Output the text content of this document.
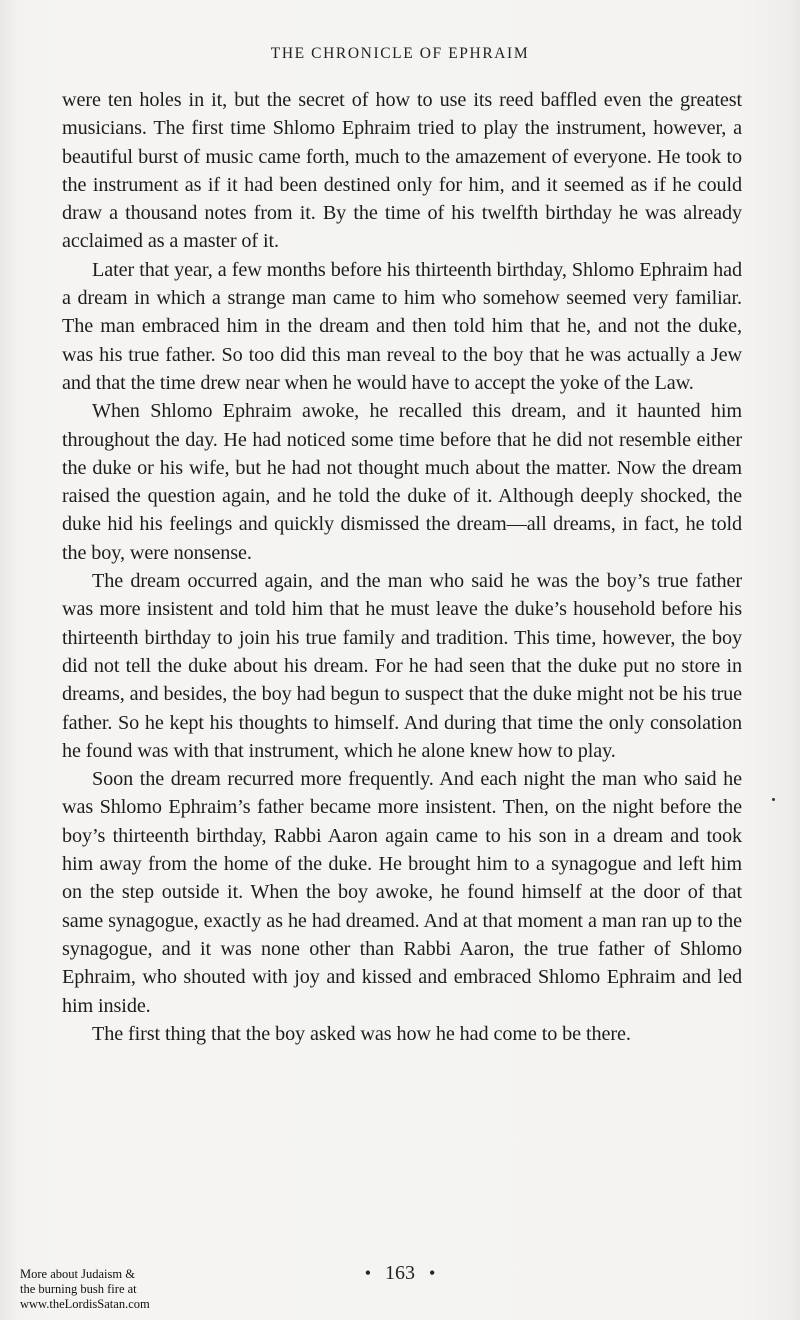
THE CHRONICLE OF EPHRAIM

were ten holes in it, but the secret of how to use its reed baffled even the greatest musicians. The first time Shlomo Ephraim tried to play the instrument, however, a beautiful burst of music came forth, much to the amazement of everyone. He took to the instrument as if it had been destined only for him, and it seemed as if he could draw a thousand notes from it. By the time of his twelfth birthday he was already acclaimed as a master of it.

Later that year, a few months before his thirteenth birthday, Shlomo Ephraim had a dream in which a strange man came to him who somehow seemed very familiar. The man embraced him in the dream and then told him that he, and not the duke, was his true father. So too did this man reveal to the boy that he was actually a Jew and that the time drew near when he would have to accept the yoke of the Law.

When Shlomo Ephraim awoke, he recalled this dream, and it haunted him throughout the day. He had noticed some time before that he did not resemble either the duke or his wife, but he had not thought much about the matter. Now the dream raised the question again, and he told the duke of it. Although deeply shocked, the duke hid his feelings and quickly dismissed the dream—all dreams, in fact, he told the boy, were nonsense.

The dream occurred again, and the man who said he was the boy’s true father was more insistent and told him that he must leave the duke’s household before his thirteenth birthday to join his true family and tradition. This time, however, the boy did not tell the duke about his dream. For he had seen that the duke put no store in dreams, and besides, the boy had begun to suspect that the duke might not be his true father. So he kept his thoughts to himself. And during that time the only consolation he found was with that instrument, which he alone knew how to play.

Soon the dream recurred more frequently. And each night the man who said he was Shlomo Ephraim’s father became more insistent. Then, on the night before the boy’s thirteenth birthday, Rabbi Aaron again came to his son in a dream and took him away from the home of the duke. He brought him to a synagogue and left him on the step outside it. When the boy awoke, he found himself at the door of that same synagogue, exactly as he had dreamed. And at that moment a man ran up to the synagogue, and it was none other than Rabbi Aaron, the true father of Shlomo Ephraim, who shouted with joy and kissed and embraced Shlomo Ephraim and led him inside.

The first thing that the boy asked was how he had come to be there.

• 163 •
More about Judaism &
the burning bush fire at
www.theLordisSatan.com
